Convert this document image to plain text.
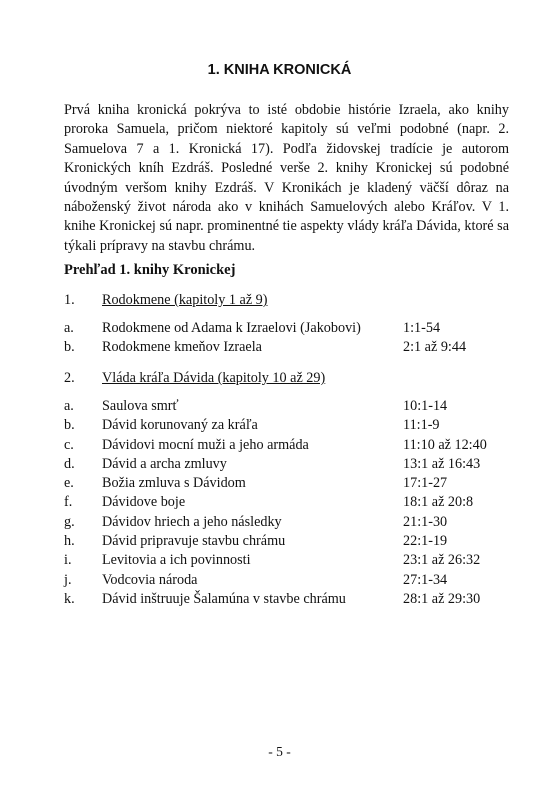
1. KNIHA KRONICKÁ

Prvá kniha kronická pokrýva to isté obdobie histórie Izraela, ako knihy proroka Samuela, pričom niektoré kapitoly sú veľmi podobné (napr. 2. Samuelova 7 a 1. Kronická 17). Podľa židovskej tradície je autorom Kronických kníh Ezdráš. Posledné verše 2. knihy Kronickej sú podobné úvodným veršom knihy Ezdráš. V Kronikách je kladený väčší dôraz na náboženský život národa ako v knihách Samuelových alebo Kráľov. V 1. knihe Kronickej sú napr. prominentné tie aspekty vlády kráľa Dávida, ktoré sa týkali prípravy na stavbu chrámu.

Prehľad 1. knihy Kronickej
1. Rodokmene (kapitoly 1 až 9)
a. Rodokmene od Adama k Izraelovi (Jakobovi)	1:1-54
b. Rodokmene kmeňov Izraela	2:1 až 9:44
2. Vláda kráľa Dávida (kapitoly 10 až 29)
a. Saulova smrť	10:1-14
b. Dávid korunovaný za kráľa	11:1-9
c. Dávidovi mocní muži a jeho armáda	11:10 až 12:40
d. Dávid a archa zmluvy	13:1 až 16:43
e. Božia zmluva s Dávidom	17:1-27
f. Dávidove boje	18:1 až 20:8
g. Dávidov hriech a jeho následky	21:1-30
h. Dávid pripravuje stavbu chrámu	22:1-19
i. Levitovia a ich povinnosti	23:1 až 26:32
j. Vodcovia národa	27:1-34
k. Dávid inštruuje Šalamúna v stavbe chrámu	28:1 až 29:30
- 5 -
